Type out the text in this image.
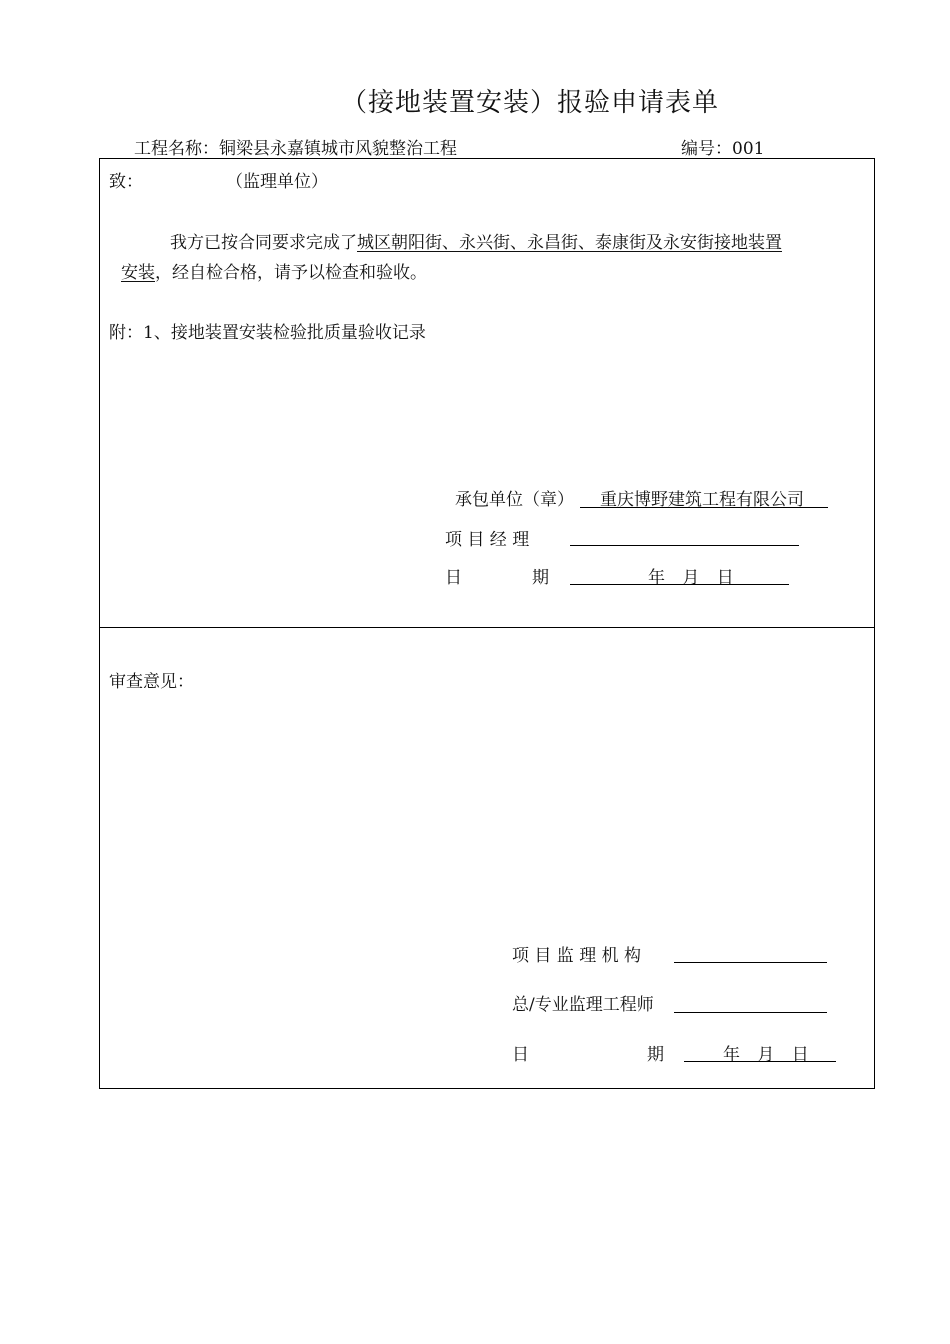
（接地装置安装）报验申请表单
工程名称：铜梁县永嘉镇城市风貌整治工程	编号：001
致：	（监理单位）
我方已按合同要求完成了城区朝阳街、永兴街、永昌街、泰康街及永安街接地装置
安装，经自检合格，请予以检查和验收。
附：1、接地装置安装检验批质量验收记录
承包单位（章） 重庆博野建筑工程有限公司
项 目 经 理
日	期	年 月 日
审查意见：
项 目 监 理 机 构
总/专业监理工程师
日	期	年 月 日
